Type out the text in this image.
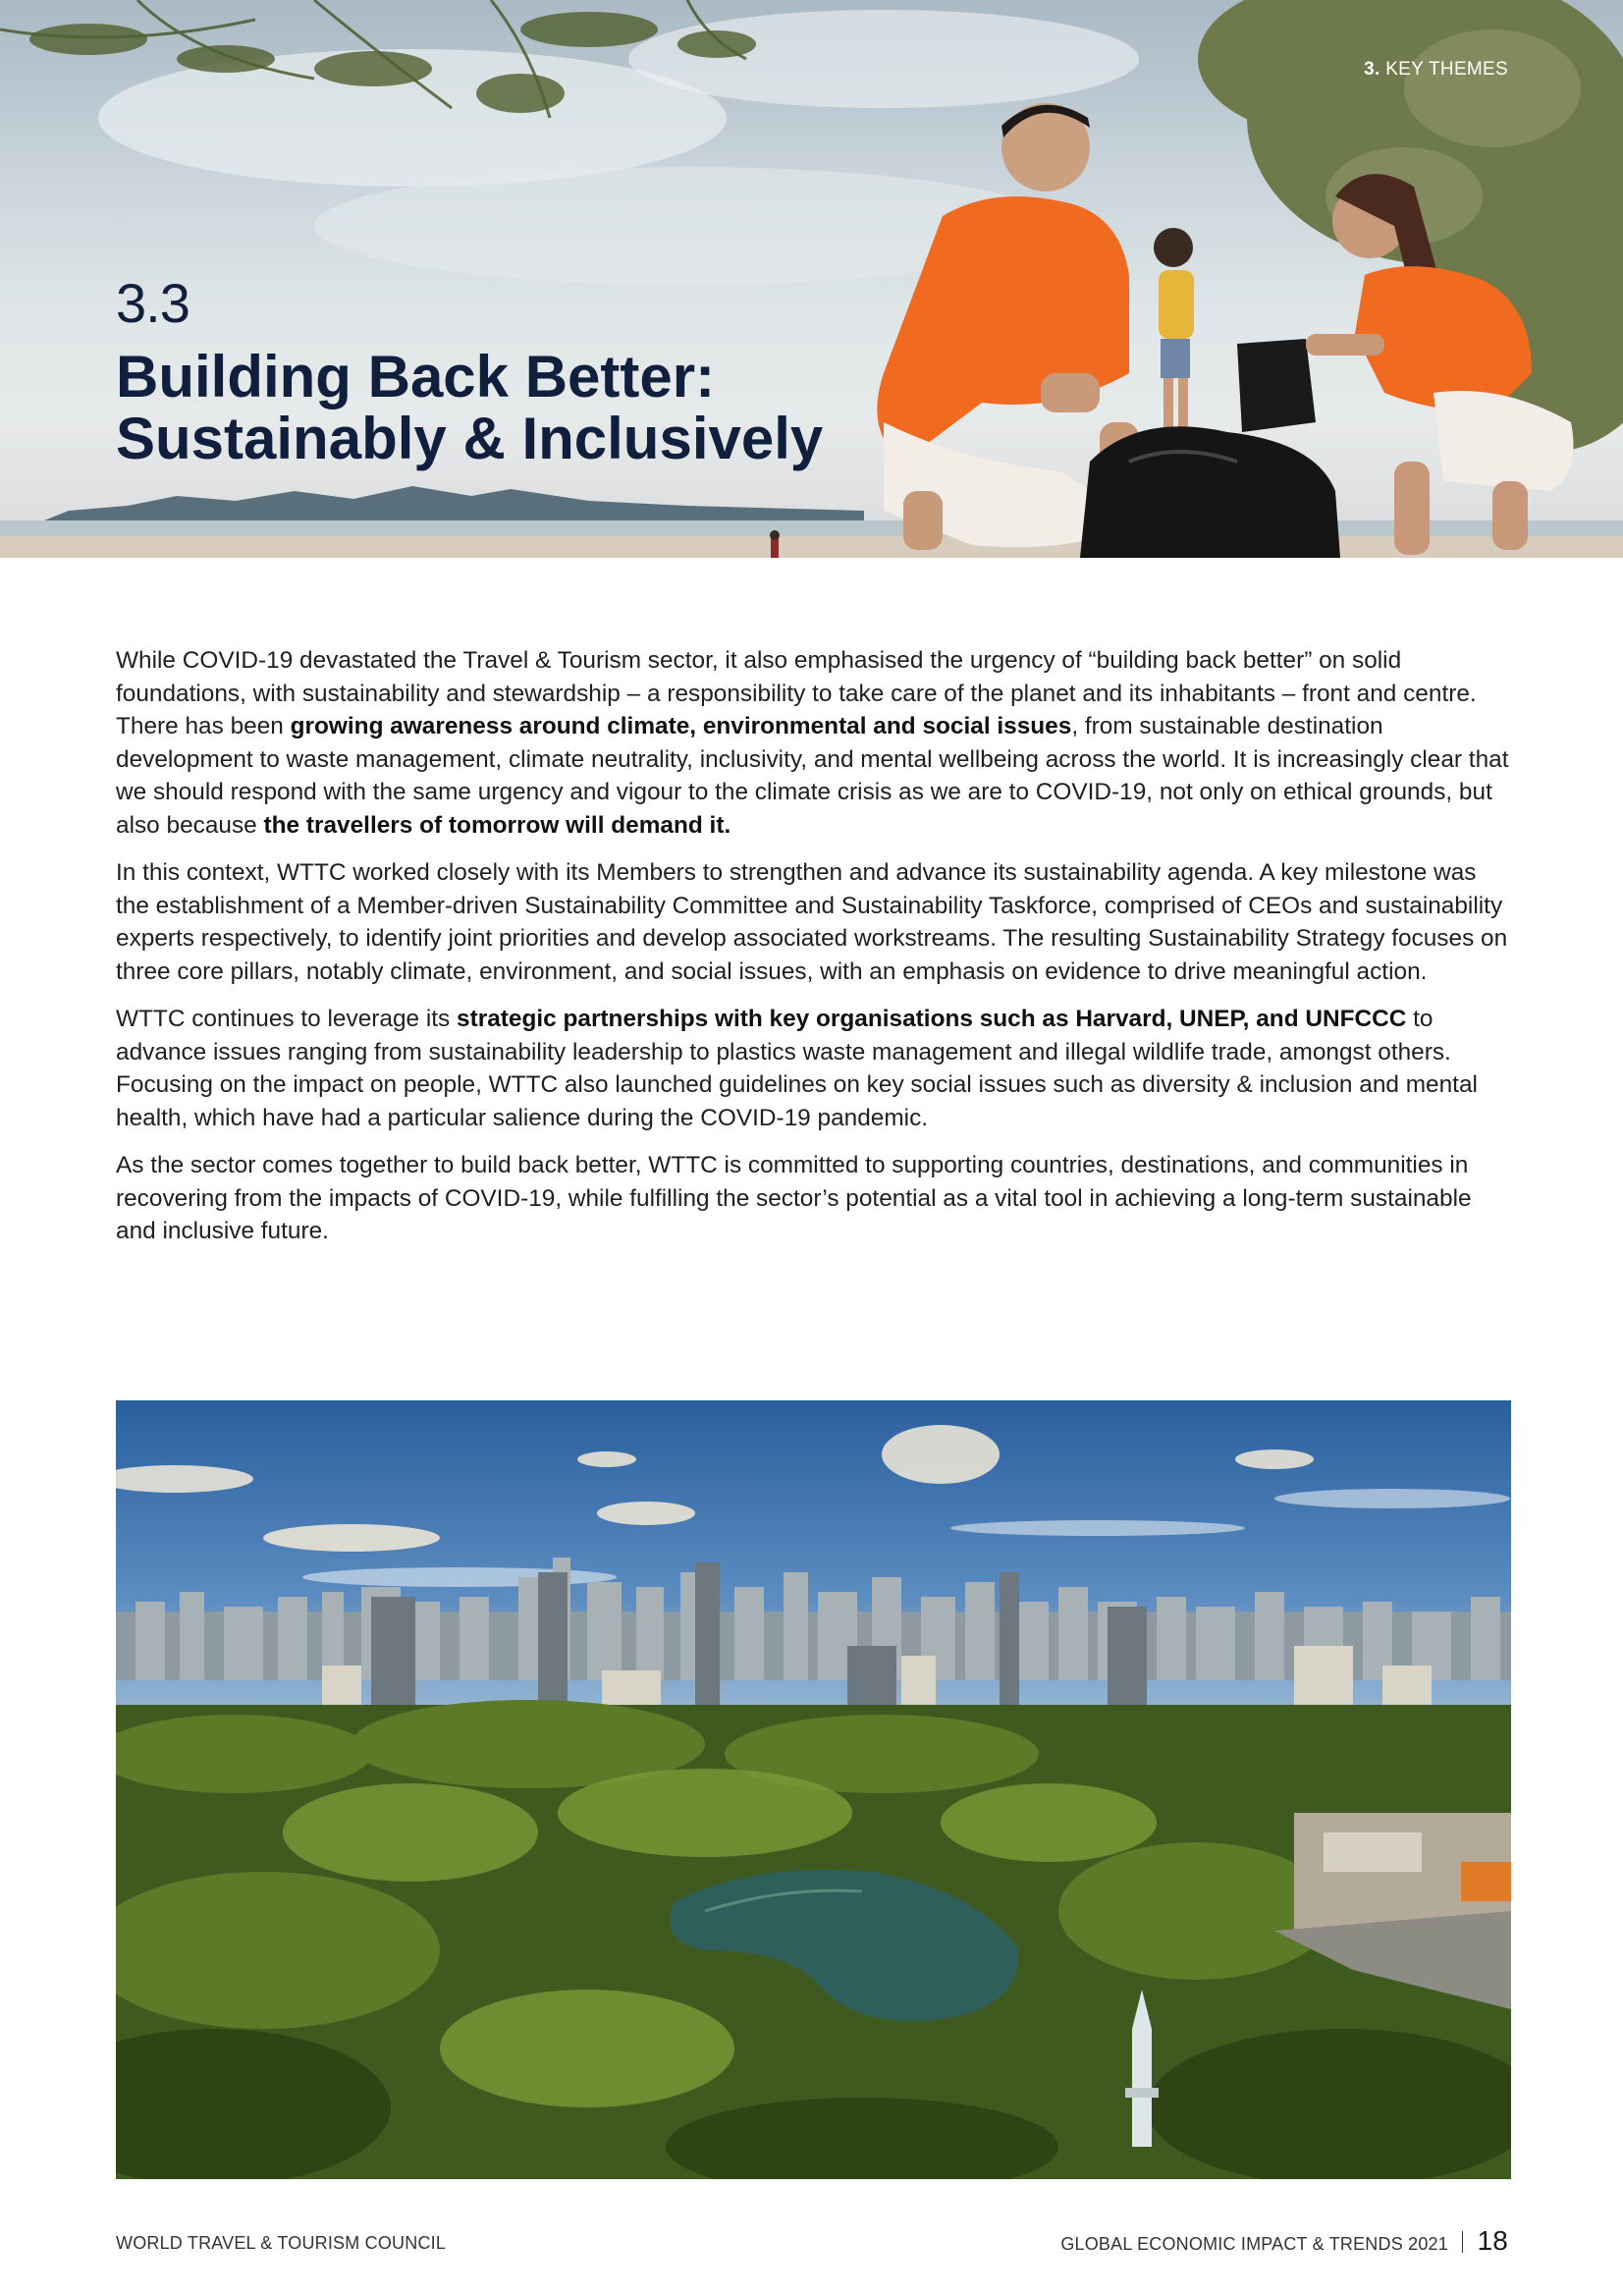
3. KEY THEMES
3.3
Building Back Better:
Sustainably & Inclusively

While COVID-19 devastated the Travel & Tourism sector, it also emphasised the urgency of “building back better” on solid foundations, with sustainability and stewardship – a responsibility to take care of the planet and its inhabitants – front and centre. There has been growing awareness around climate, environmental and social issues, from sustainable destination development to waste management, climate neutrality, inclusivity, and mental wellbeing across the world. It is increasingly clear that we should respond with the same urgency and vigour to the climate crisis as we are to COVID-19, not only on ethical grounds, but also because the travellers of tomorrow will demand it.

In this context, WTTC worked closely with its Members to strengthen and advance its sustainability agenda. A key milestone was the establishment of a Member-driven Sustainability Committee and Sustainability Taskforce, comprised of CEOs and sustainability experts respectively, to identify joint priorities and develop associated workstreams. The resulting Sustainability Strategy focuses on three core pillars, notably climate, environment, and social issues, with an emphasis on evidence to drive meaningful action.

WTTC continues to leverage its strategic partnerships with key organisations such as Harvard, UNEP, and UNFCCC to advance issues ranging from sustainability leadership to plastics waste management and illegal wildlife trade, amongst others. Focusing on the impact on people, WTTC also launched guidelines on key social issues such as diversity & inclusion and mental health, which have had a particular salience during the COVID-19 pandemic.

As the sector comes together to build back better, WTTC is committed to supporting countries, destinations, and communities in recovering from the impacts of COVID-19, while fulfilling the sector’s potential as a vital tool in achieving a long-term sustainable and inclusive future.

WORLD TRAVEL & TOURISM COUNCIL	GLOBAL ECONOMIC IMPACT & TRENDS 2021 18
